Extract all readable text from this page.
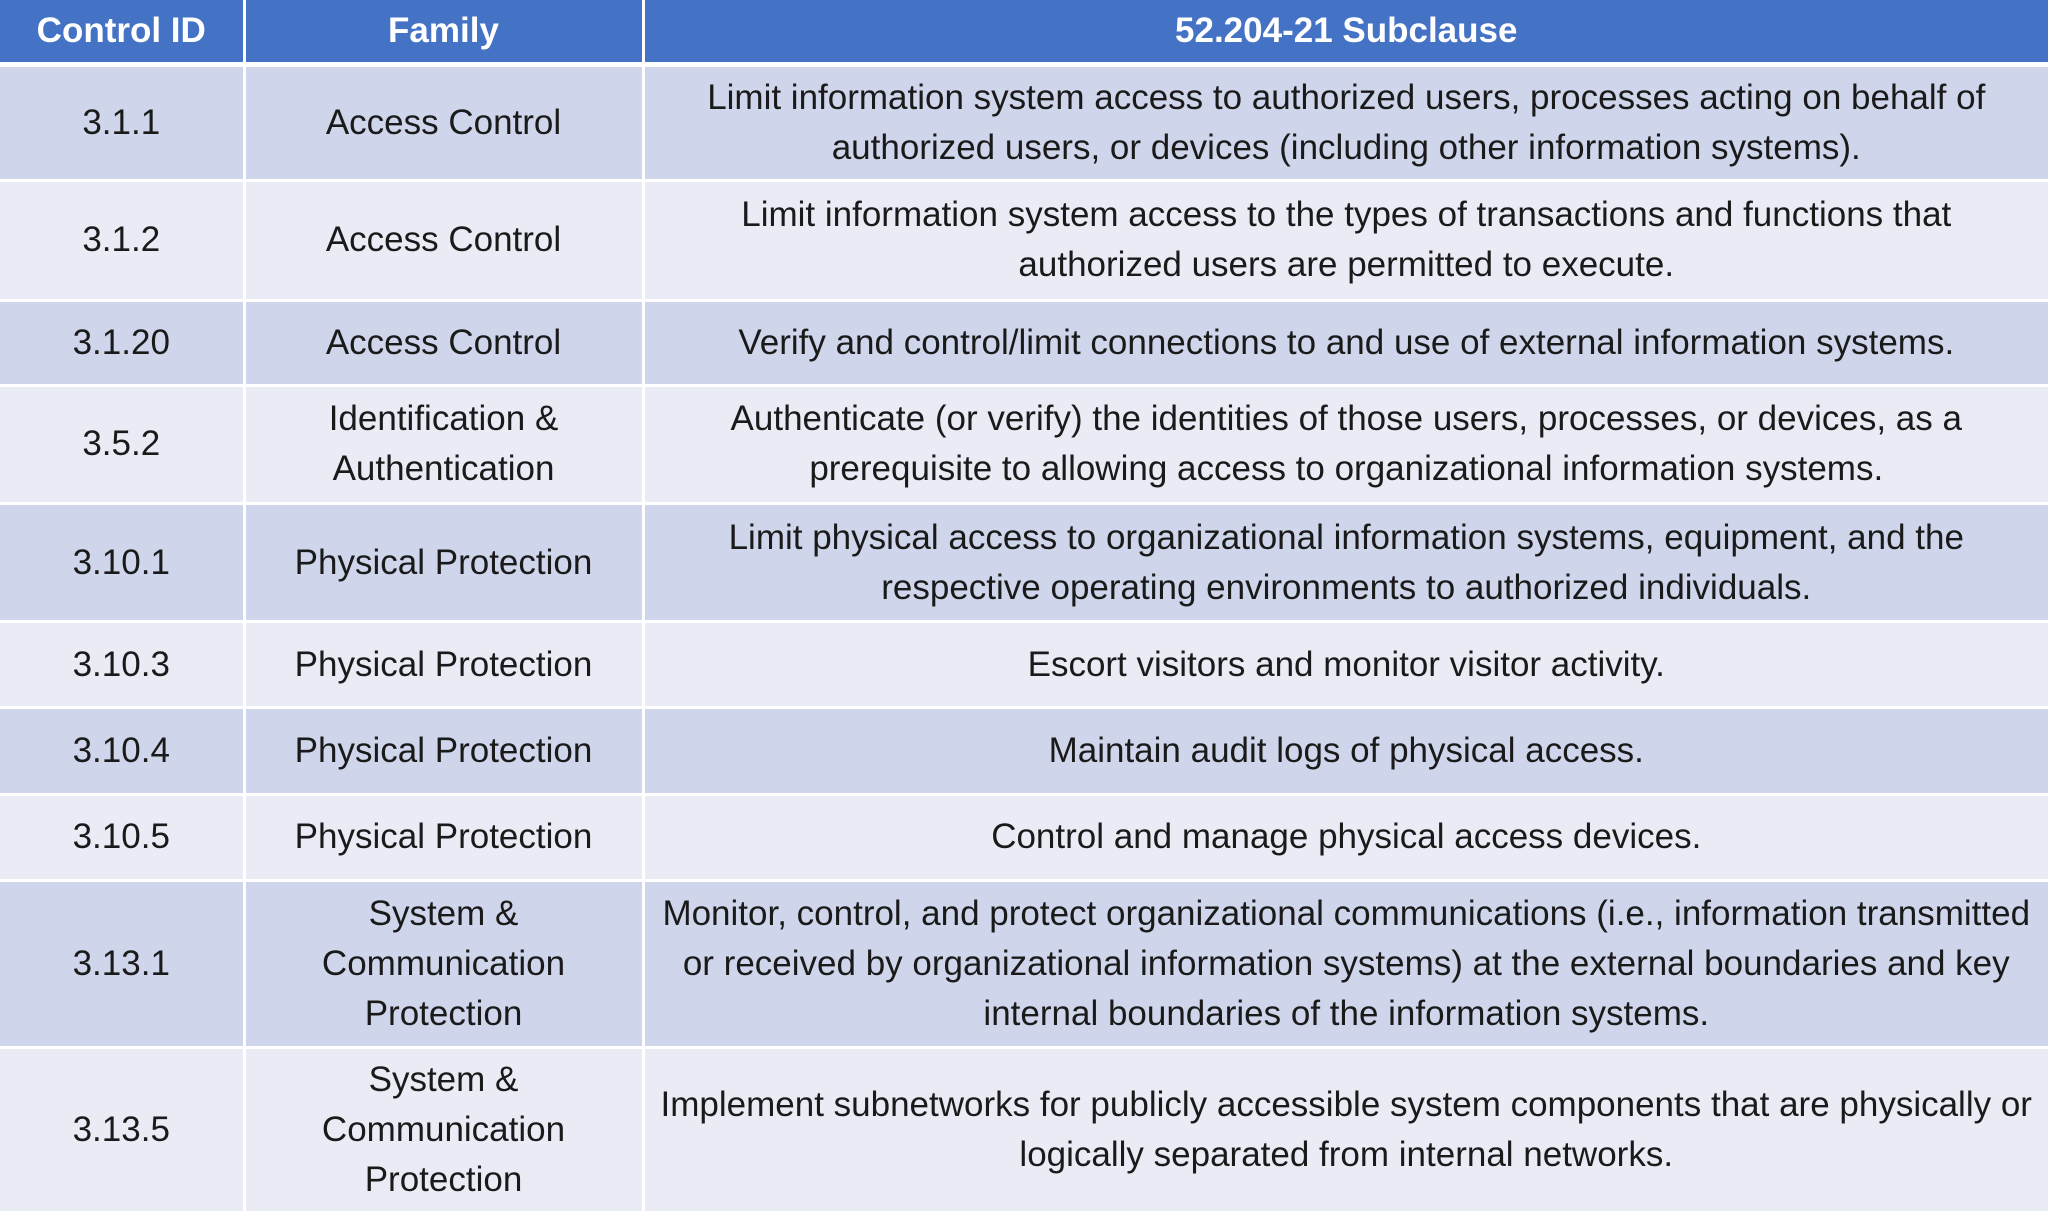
Control ID	Family	52.204-21 Subclause
3.1.1	Access Control	Limit information system access to authorized users, processes acting on behalf of authorized users, or devices (including other information systems).
3.1.2	Access Control	Limit information system access to the types of transactions and functions that authorized users are permitted to execute.
3.1.20	Access Control	Verify and control/limit connections to and use of external information systems.
3.5.2	Identification & Authentication	Authenticate (or verify) the identities of those users, processes, or devices, as a prerequisite to allowing access to organizational information systems.
3.10.1	Physical Protection	Limit physical access to organizational information systems, equipment, and the respective operating environments to authorized individuals.
3.10.3	Physical Protection	Escort visitors and monitor visitor activity.
3.10.4	Physical Protection	Maintain audit logs of physical access.
3.10.5	Physical Protection	Control and manage physical access devices.
3.13.1	System & Communication Protection	Monitor, control, and protect organizational communications (i.e., information transmitted or received by organizational information systems) at the external boundaries and key internal boundaries of the information systems.
3.13.5	System & Communication Protection	Implement subnetworks for publicly accessible system components that are physically or logically separated from internal networks.
